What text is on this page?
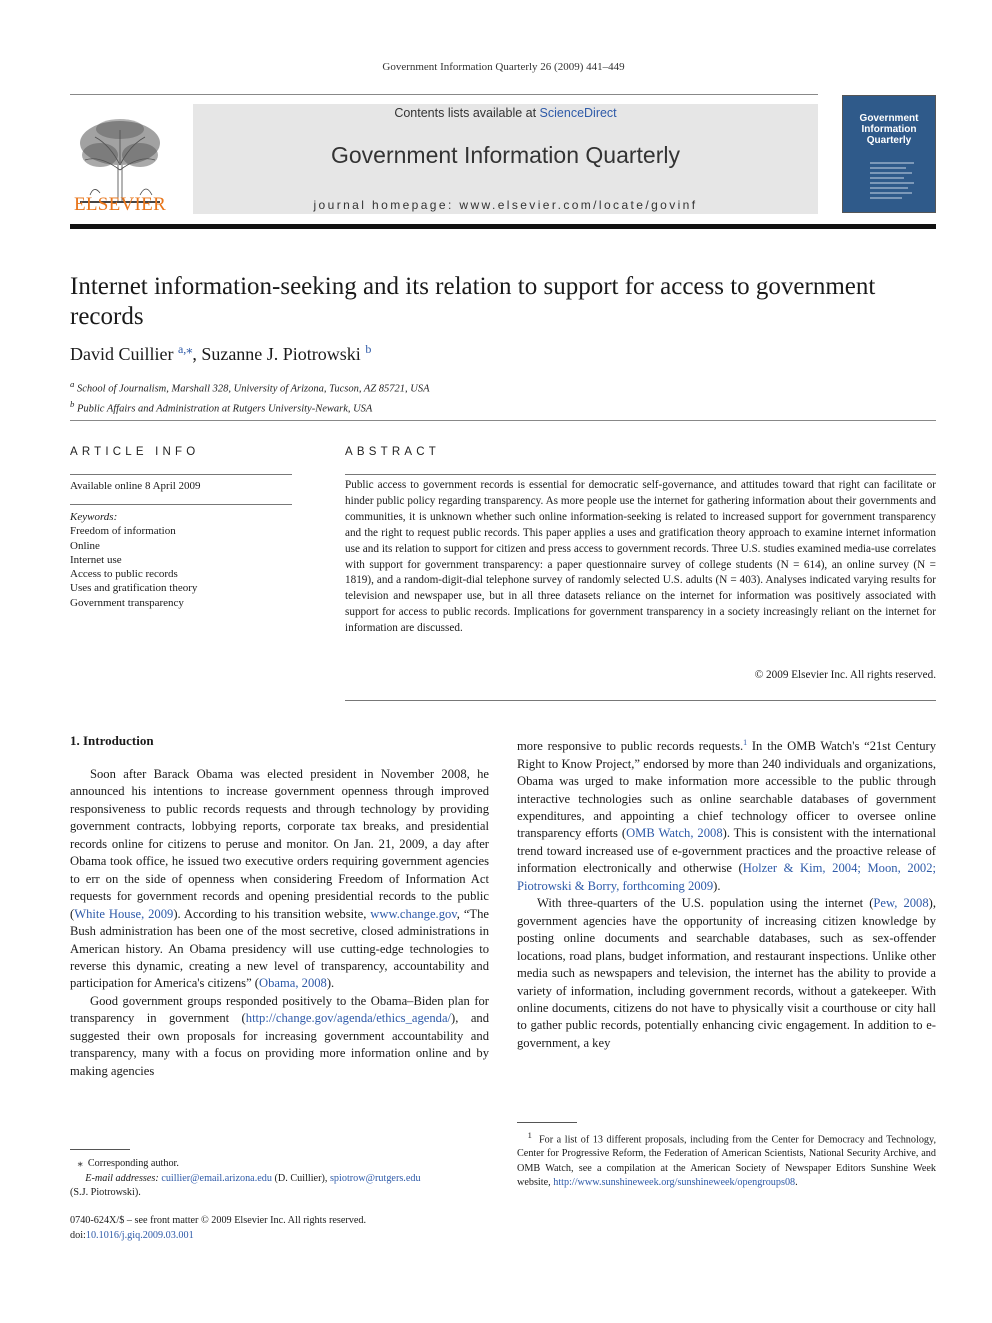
Government Information Quarterly 26 (2009) 441–449
ELSEVIER
Contents lists available at ScienceDirect
Government Information Quarterly
journal homepage: www.elsevier.com/locate/govinf
Government
Information
Quarterly
Internet information-seeking and its relation to support for access to government records
David Cuillier $^{a,⁎}$, Suzanne J. Piotrowski $^b$
$^a$ School of Journalism, Marshall 328, University of Arizona, Tucson, AZ 85721, USA
$^b$ Public Affairs and Administration at Rutgers University-Newark, USA
ARTICLE INFO
Available online 8 April 2009
Keywords:
Freedom of information
Online
Internet use
Access to public records
Uses and gratification theory
Government transparency
ABSTRACT
Public access to government records is essential for democratic self-governance, and attitudes toward that right can facilitate or hinder public policy regarding transparency. As more people use the internet for gathering information about their governments and communities, it is unknown whether such online information-seeking is related to increased support for government transparency and the right to request public records. This paper applies a uses and gratification theory approach to examine internet information use and its relation to support for citizen and press access to government records. Three U.S. studies examined media-use correlates with support for government transparency: a paper questionnaire survey of college students (N = 614), an online survey (N = 1819), and a random-digit-dial telephone survey of randomly selected U.S. adults (N = 403). Analyses indicated varying results for television and newspaper use, but in all three datasets reliance on the internet for information was positively associated with support for access to public records. Implications for government transparency in a society increasingly reliant on the internet for information are discussed.
© 2009 Elsevier Inc. All rights reserved.
1. Introduction

Soon after Barack Obama was elected president in November 2008, he announced his intentions to increase government openness through improved responsiveness to public records requests and through technology by providing government contracts, lobbying reports, corporate tax breaks, and presidential records online for citizens to peruse and monitor. On Jan. 21, 2009, a day after Obama took office, he issued two executive orders requiring government agencies to err on the side of openness when considering Freedom of Information Act requests for government records and opening presidential records to the public (White House, 2009). According to his transition website, www.change.gov, “The Bush administration has been one of the most secretive, closed administrations in American history. An Obama presidency will use cutting-edge technologies to reverse this dynamic, creating a new level of transparency, accountability and participation for America's citizens” (Obama, 2008).

Good government groups responded positively to the Obama–Biden plan for transparency in government (http://change.gov/agenda/ethics_agenda/), and suggested their own proposals for increasing government accountability and transparency, many with a focus on providing more information online and by making agencies

more responsive to public records requests.$^1$ In the OMB Watch's “21st Century Right to Know Project,” endorsed by more than 240 individuals and organizations, Obama was urged to make information more accessible to the public through interactive technologies such as online searchable databases of government expenditures, and appointing a chief technology officer to oversee online transparency efforts (OMB Watch, 2008). This is consistent with the international trend toward increased use of e-government practices and the proactive release of information electronically and otherwise (Holzer & Kim, 2004; Moon, 2002; Piotrowski & Borry, forthcoming 2009).

With three-quarters of the U.S. population using the internet (Pew, 2008), government agencies have the opportunity of increasing citizen knowledge by posting online documents and searchable databases, such as sex-offender locations, road plans, budget information, and restaurant inspections. Unlike other media such as newspapers and television, the internet has the ability to provide a variety of information, including government records, without a gatekeeper. With online documents, citizens do not have to physically visit a courthouse or city hall to gather public records, potentially enhancing civic engagement. In addition to e-government, a key

⁎ Corresponding author.
E-mail addresses: cuillier@email.arizona.edu (D. Cuillier), spiotrow@rutgers.edu
(S.J. Piotrowski).
0740-624X/$ – see front matter © 2009 Elsevier Inc. All rights reserved.
doi:10.1016/j.giq.2009.03.001
$^1$ For a list of 13 different proposals, including from the Center for Democracy and Technology, Center for Progressive Reform, the Federation of American Scientists, National Security Archive, and OMB Watch, see a compilation at the American Society of Newspaper Editors Sunshine Week website, http://www.sunshineweek.org/sunshineweek/opengroups08.
